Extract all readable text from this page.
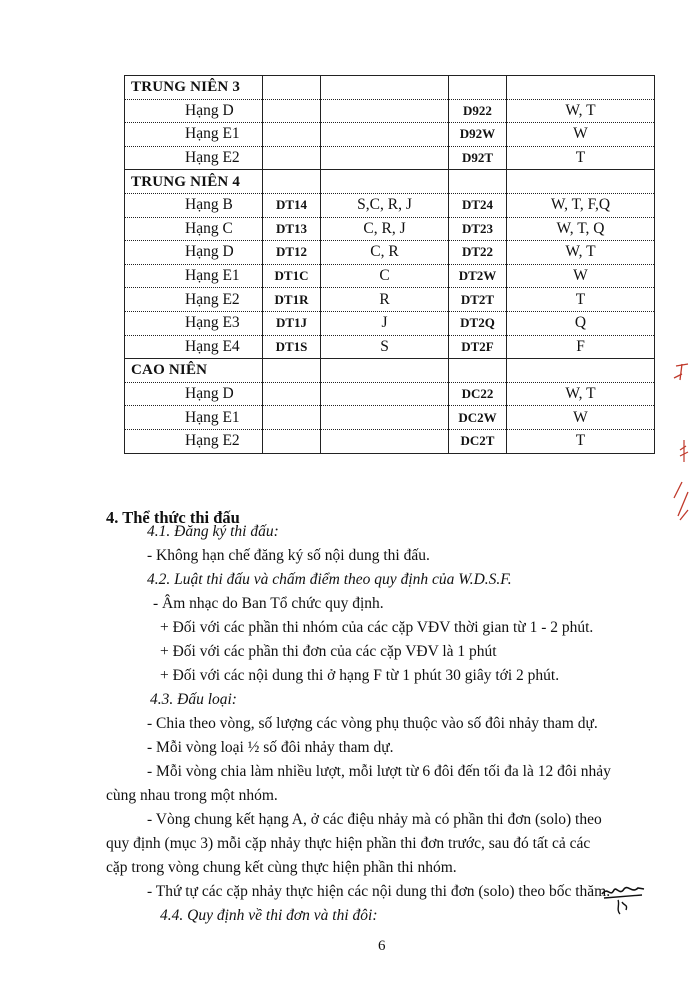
TRUNG NIÊN 3				
Hạng D			D922	W, T
Hạng E1			D92W	W
Hạng E2			D92T	T
TRUNG NIÊN 4				
Hạng B	DT14	S,C, R, J	DT24	W, T, F,Q
Hạng C	DT13	C, R, J	DT23	W, T, Q
Hạng D	DT12	C, R	DT22	W, T
Hạng E1	DT1C	C	DT2W	W
Hạng E2	DT1R	R	DT2T	T
Hạng E3	DT1J	J	DT2Q	Q
Hạng E4	DT1S	S	DT2F	F
CAO NIÊN				
Hạng D			DC22	W, T
Hạng E1			DC2W	W
Hạng E2			DC2T	T
4. Thể thức thi đấu
4.1. Đăng ký thi đấu:
- Không hạn chế đăng ký số nội dung thi đấu.
4.2. Luật thi đấu và chấm điểm theo quy định của W.D.S.F.
- Âm nhạc do Ban Tổ chức quy định.
+ Đối với các phần thi nhóm của các cặp VĐV thời gian từ 1 - 2 phút.
+ Đối với các phần thi đơn của các cặp VĐV là 1 phút
+ Đối với các nội dung thi ở hạng F từ 1 phút 30 giây tới 2 phút.
4.3. Đấu loại:
- Chia theo vòng, số lượng các vòng phụ thuộc vào số đôi nhảy tham dự.
- Mỗi vòng loại ½ số đôi nhảy tham dự.
- Mỗi vòng chia làm nhiều lượt, mỗi lượt từ 6 đôi đến tối đa là 12 đôi nhảy
cùng nhau trong một nhóm.
- Vòng chung kết hạng A, ở các điệu nhảy mà có phần thi đơn (solo) theo
quy định (mục 3) mỗi cặp nhảy thực hiện phần thi đơn trước, sau đó tất cả các
cặp trong vòng chung kết cùng thực hiện phần thi nhóm.
- Thứ tự các cặp nhảy thực hiện các nội dung thi đơn (solo) theo bốc thăm.
4.4. Quy định về thi đơn và thi đôi:
6
